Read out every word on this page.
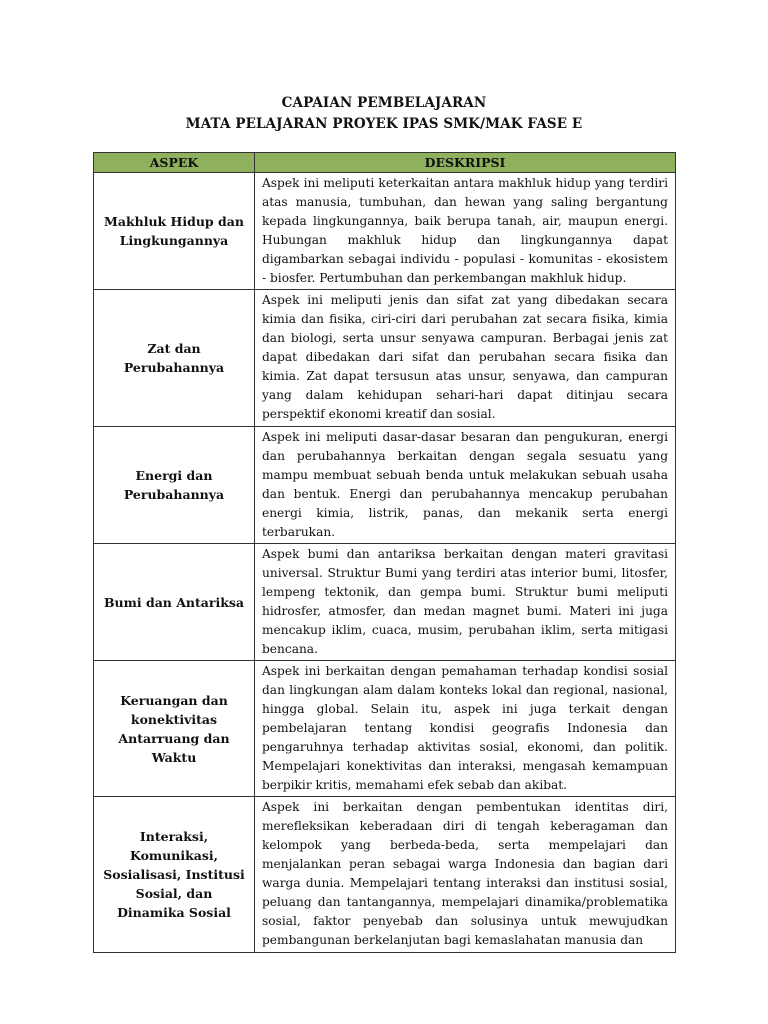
CAPAIAN PEMBELAJARAN
MATA PELAJARAN PROYEK IPAS SMK/MAK FASE E
ASPEK	DESKRIPSI
Makhluk Hidup dan Lingkungannya	Aspek ini meliputi keterkaitan antara makhluk hidup yang terdiri atas manusia, tumbuhan, dan hewan yang saling bergantung kepada lingkungannya, baik berupa tanah, air, maupun energi. Hubungan makhluk hidup dan lingkungannya dapat digambarkan sebagai individu - populasi - komunitas - ekosistem - biosfer. Pertumbuhan dan perkembangan makhluk hidup.
Zat dan Perubahannya	Aspek ini meliputi jenis dan sifat zat yang dibedakan secara kimia dan fisika, ciri-ciri dari perubahan zat secara fisika, kimia dan biologi, serta unsur senyawa campuran. Berbagai jenis zat dapat dibedakan dari sifat dan perubahan secara fisika dan kimia. Zat dapat tersusun atas unsur, senyawa, dan campuran yang dalam kehidupan sehari-hari dapat ditinjau secara perspektif ekonomi kreatif dan sosial.
Energi dan Perubahannya	Aspek ini meliputi dasar-dasar besaran dan pengukuran, energi dan perubahannya berkaitan dengan segala sesuatu yang mampu membuat sebuah benda untuk melakukan sebuah usaha dan bentuk. Energi dan perubahannya mencakup perubahan energi kimia, listrik, panas, dan mekanik serta energi terbarukan.
Bumi dan Antariksa	Aspek bumi dan antariksa berkaitan dengan materi gravitasi universal. Struktur Bumi yang terdiri atas interior bumi, litosfer, lempeng tektonik, dan gempa bumi. Struktur bumi meliputi hidrosfer, atmosfer, dan medan magnet bumi. Materi ini juga mencakup iklim, cuaca, musim, perubahan iklim, serta mitigasi bencana.
Keruangan dan konektivitas Antarruang dan Waktu	Aspek ini berkaitan dengan pemahaman terhadap kondisi sosial dan lingkungan alam dalam konteks lokal dan regional, nasional, hingga global. Selain itu, aspek ini juga terkait dengan pembelajaran tentang kondisi geografis Indonesia dan pengaruhnya terhadap aktivitas sosial, ekonomi, dan politik. Mempelajari konektivitas dan interaksi, mengasah kemampuan berpikir kritis, memahami efek sebab dan akibat.
Interaksi, Komunikasi, Sosialisasi, Institusi Sosial, dan Dinamika Sosial	Aspek ini berkaitan dengan pembentukan identitas diri, merefleksikan keberadaan diri di tengah keberagaman dan kelompok yang berbeda-beda, serta mempelajari dan menjalankan peran sebagai warga Indonesia dan bagian dari warga dunia. Mempelajari tentang interaksi dan institusi sosial, peluang dan tantangannya, mempelajari dinamika/problematika sosial, faktor penyebab dan solusinya untuk mewujudkan pembangunan berkelanjutan bagi kemaslahatan manusia dan
